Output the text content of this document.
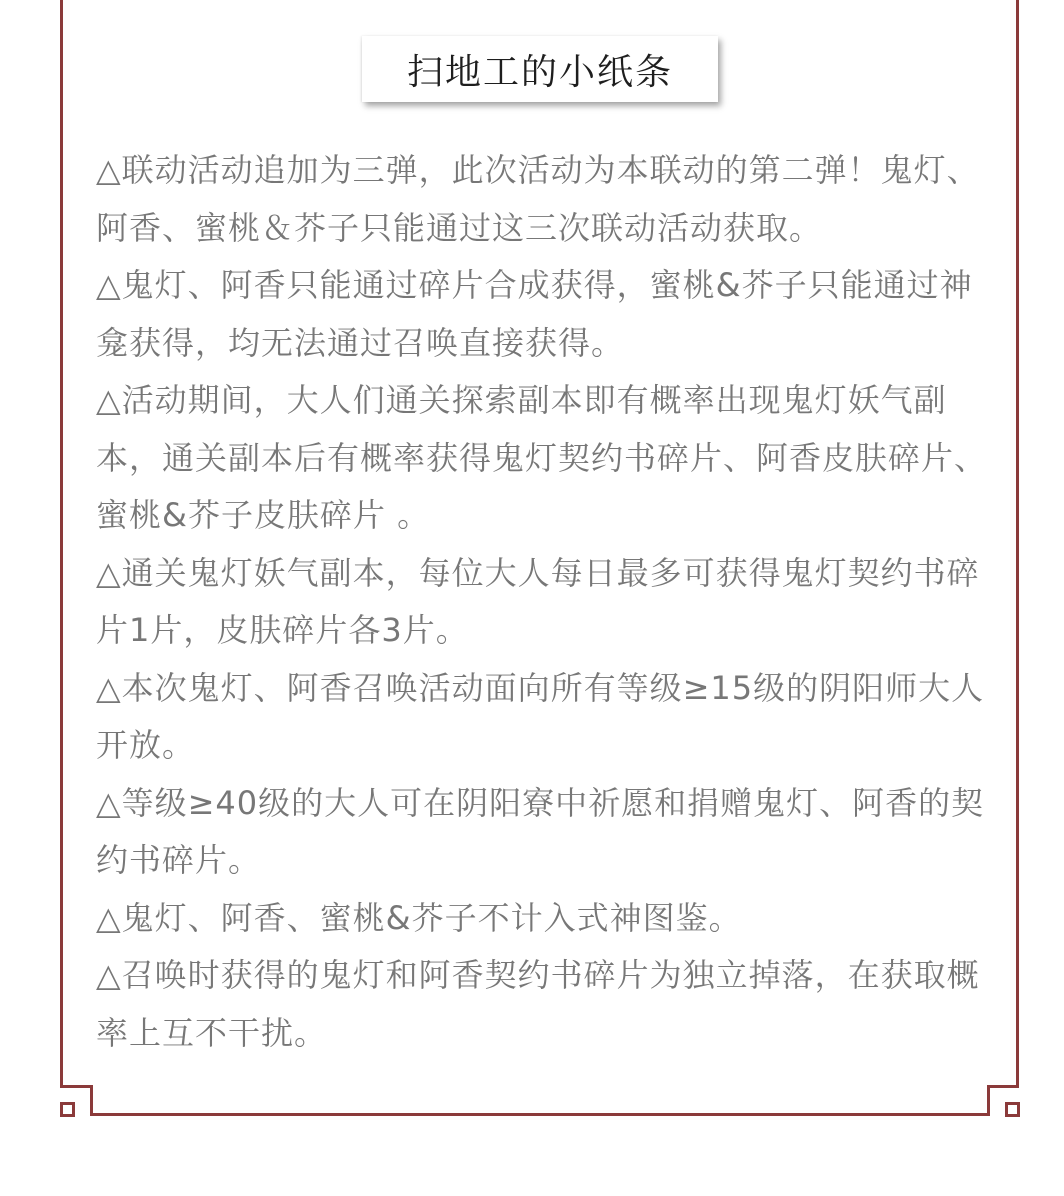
扫地工的小纸条
△联动活动追加为三弹，此次活动为本联动的第二弹！鬼灯、阿香、蜜桃＆芥子只能通过这三次联动活动获取。
△鬼灯、阿香只能通过碎片合成获得，蜜桃&芥子只能通过神龛获得，均无法通过召唤直接获得。
△活动期间，大人们通关探索副本即有概率出现鬼灯妖气副本，通关副本后有概率获得鬼灯契约书碎片、阿香皮肤碎片、蜜桃&芥子皮肤碎片 。
△通关鬼灯妖气副本，每位大人每日最多可获得鬼灯契约书碎片1片，皮肤碎片各3片。
△本次鬼灯、阿香召唤活动面向所有等级≥15级的阴阳师大人开放。
△等级≥40级的大人可在阴阳寮中祈愿和捐赠鬼灯、阿香的契约书碎片。
△鬼灯、阿香、蜜桃&芥子不计入式神图鉴。
△召唤时获得的鬼灯和阿香契约书碎片为独立掉落，在获取概率上互不干扰。
